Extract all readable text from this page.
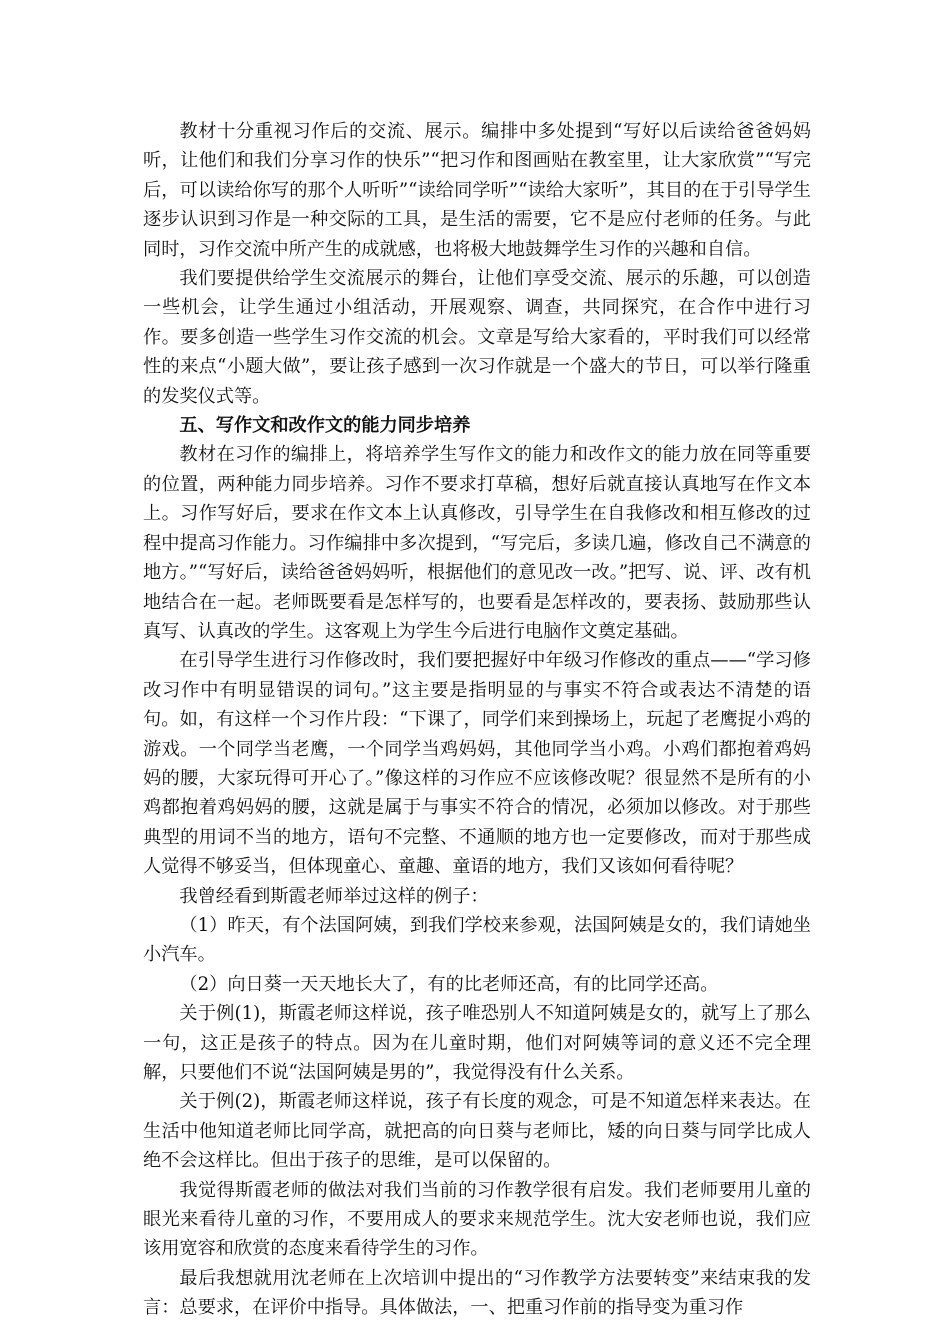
教材十分重视习作后的交流、展示。编排中多处提到“写好以后读给爸爸妈妈听，让他们和我们分享习作的快乐”“把习作和图画贴在教室里，让大家欣赏”“写完后，可以读给你写的那个人听听”“读给同学听”“读给大家听”，其目的在于引导学生逐步认识到习作是一种交际的工具，是生活的需要，它不是应付老师的任务。与此同时，习作交流中所产生的成就感，也将极大地鼓舞学生习作的兴趣和自信。

我们要提供给学生交流展示的舞台，让他们享受交流、展示的乐趣，可以创造一些机会，让学生通过小组活动，开展观察、调查，共同探究，在合作中进行习作。要多创造一些学生习作交流的机会。文章是写给大家看的，平时我们可以经常性的来点“小题大做”，要让孩子感到一次习作就是一个盛大的节日，可以举行隆重的发奖仪式等。

五、写作文和改作文的能力同步培养

教材在习作的编排上，将培养学生写作文的能力和改作文的能力放在同等重要的位置，两种能力同步培养。习作不要求打草稿，想好后就直接认真地写在作文本上。习作写好后，要求在作文本上认真修改，引导学生在自我修改和相互修改的过程中提高习作能力。习作编排中多次提到，“写完后，多读几遍，修改自己不满意的地方。”“写好后，读给爸爸妈妈听，根据他们的意见改一改。”把写、说、评、改有机地结合在一起。老师既要看是怎样写的，也要看是怎样改的，要表扬、鼓励那些认真写、认真改的学生。这客观上为学生今后进行电脑作文奠定基础。

在引导学生进行习作修改时，我们要把握好中年级习作修改的重点——“学习修改习作中有明显错误的词句。”这主要是指明显的与事实不符合或表达不清楚的语句。如，有这样一个习作片段：“下课了，同学们来到操场上，玩起了老鹰捉小鸡的游戏。一个同学当老鹰，一个同学当鸡妈妈，其他同学当小鸡。小鸡们都抱着鸡妈妈的腰，大家玩得可开心了。”像这样的习作应不应该修改呢？很显然不是所有的小鸡都抱着鸡妈妈的腰，这就是属于与事实不符合的情况，必须加以修改。对于那些典型的用词不当的地方，语句不完整、不通顺的地方也一定要修改，而对于那些成人觉得不够妥当，但体现童心、童趣、童语的地方，我们又该如何看待呢？

我曾经看到斯霞老师举过这样的例子：

（1）昨天，有个法国阿姨，到我们学校来参观，法国阿姨是女的，我们请她坐小汽车。

（2）向日葵一天天地长大了，有的比老师还高，有的比同学还高。

关于例(1)，斯霞老师这样说，孩子唯恐别人不知道阿姨是女的，就写上了那么一句，这正是孩子的特点。因为在儿童时期，他们对阿姨等词的意义还不完全理解，只要他们不说“法国阿姨是男的”，我觉得没有什么关系。

关于例(2)，斯霞老师这样说，孩子有长度的观念，可是不知道怎样来表达。在生活中他知道老师比同学高，就把高的向日葵与老师比，矮的向日葵与同学比成人绝不会这样比。但出于孩子的思维，是可以保留的。

我觉得斯霞老师的做法对我们当前的习作教学很有启发。我们老师要用儿童的眼光来看待儿童的习作，不要用成人的要求来规范学生。沈大安老师也说，我们应该用宽容和欣赏的态度来看待学生的习作。

最后我想就用沈老师在上次培训中提出的“习作教学方法要转变”来结束我的发言：总要求，在评价中指导。具体做法，一、把重习作前的指导变为重习作
